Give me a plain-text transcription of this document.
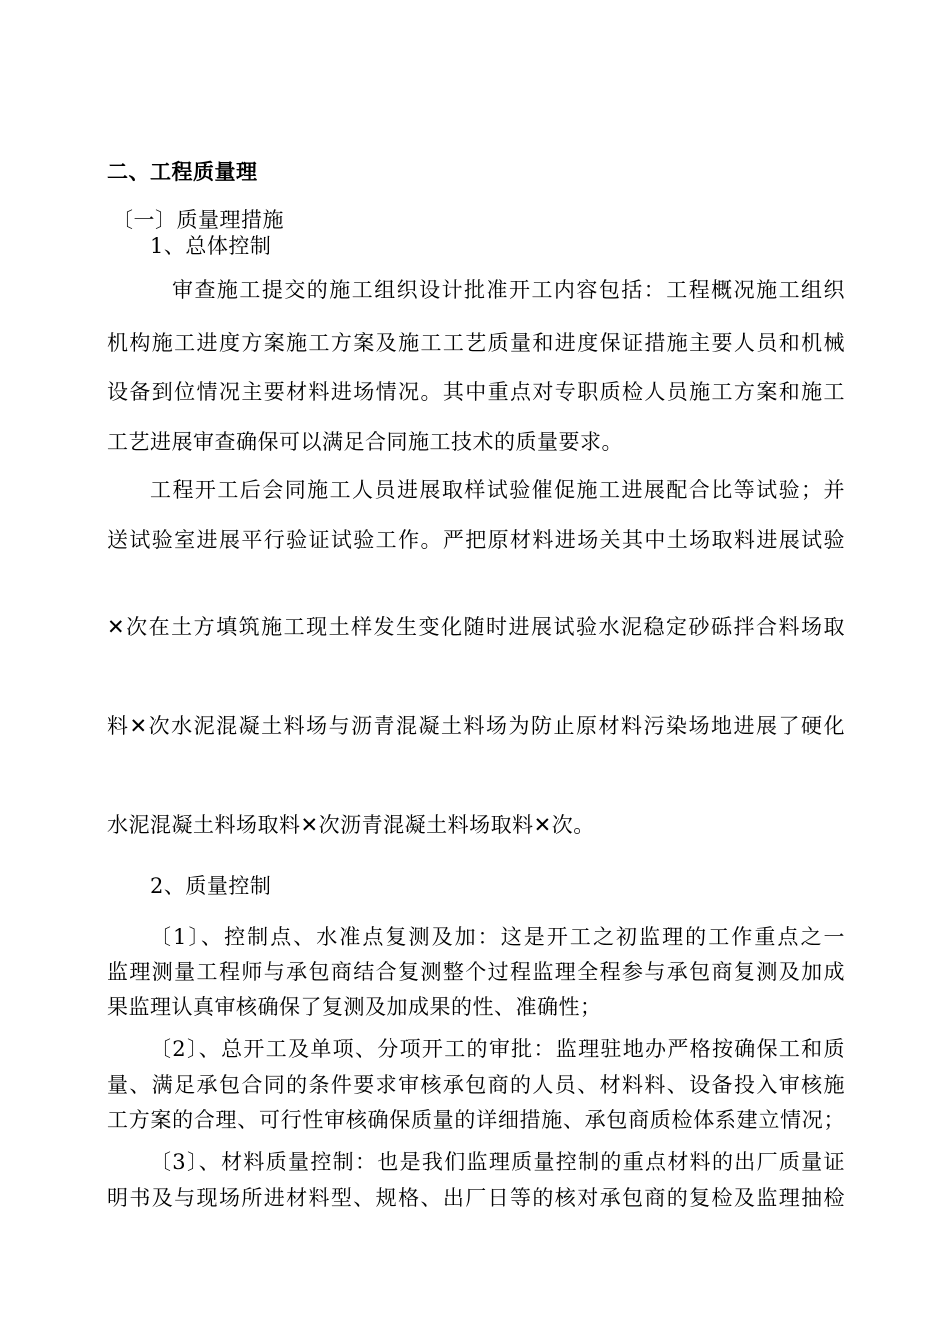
二、工程质量理
〔一〕质量理措施
1、总体控制
审查施工提交的施工组织设计批准开工内容包括：工程概况施工组织
机构施工进度方案施工方案及施工工艺质量和进度保证措施主要人员和机械
设备到位情况主要材料进场情况。其中重点对专职质检人员施工方案和施工
工艺进展审查确保可以满足合同施工技术的质量要求。
工程开工后会同施工人员进展取样试验催促施工进展配合比等试验；并
送试验室进展平行验证试验工作。严把原材料进场关其中土场取料进展试验
✕次在土方填筑施工现土样发生变化随时进展试验水泥稳定砂砾拌合料场取
料✕次水泥混凝土料场与沥青混凝土料场为防止原材料污染场地进展了硬化
水泥混凝土料场取料✕次沥青混凝土料场取料✕次。
2、质量控制
〔1〕、控制点、水准点复测及加：这是开工之初监理的工作重点之一
监理测量工程师与承包商结合复测整个过程监理全程参与承包商复测及加成
果监理认真审核确保了复测及加成果的性、准确性；
〔2〕、总开工及单项、分项开工的审批：监理驻地办严格按确保工和质
量、满足承包合同的条件要求审核承包商的人员、材料料、设备投入审核施
工方案的合理、可行性审核确保质量的详细措施、承包商质检体系建立情况；
〔3〕、材料质量控制：也是我们监理质量控制的重点材料的出厂质量证
明书及与现场所进材料型、规格、出厂日等的核对承包商的复检及监理抽检
